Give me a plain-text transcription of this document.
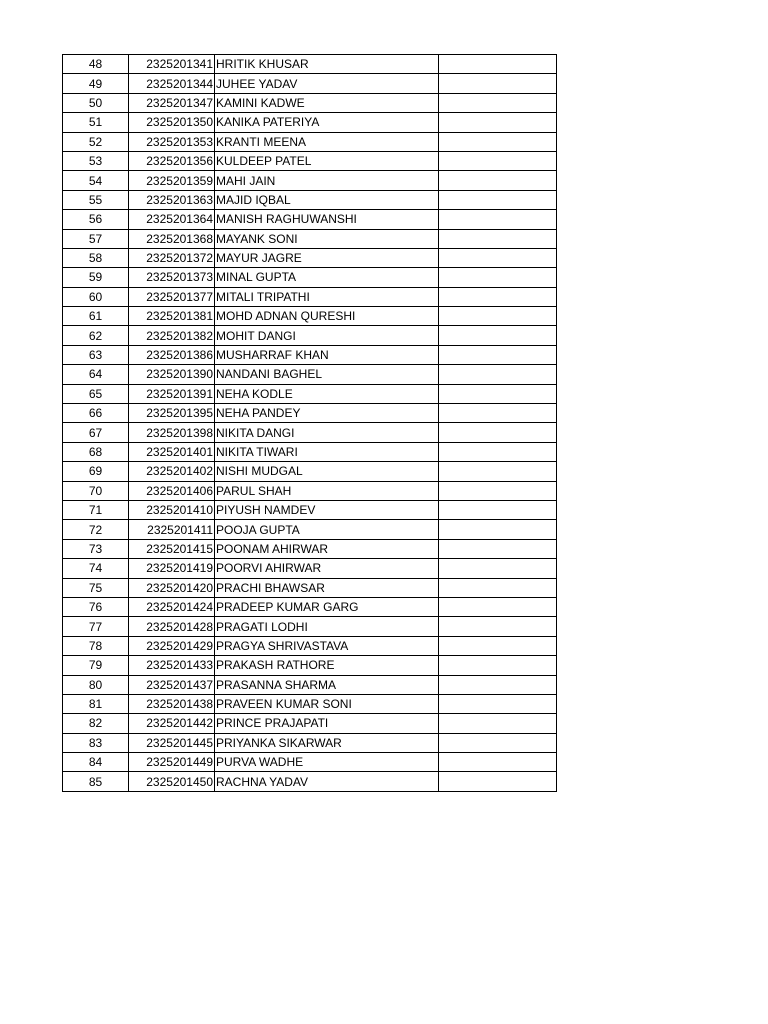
48	2325201341	HRITIK KHUSAR	
49	2325201344	JUHEE YADAV	
50	2325201347	KAMINI KADWE	
51	2325201350	KANIKA PATERIYA	
52	2325201353	KRANTI MEENA	
53	2325201356	KULDEEP PATEL	
54	2325201359	MAHI JAIN	
55	2325201363	MAJID IQBAL	
56	2325201364	MANISH RAGHUWANSHI	
57	2325201368	MAYANK SONI	
58	2325201372	MAYUR JAGRE	
59	2325201373	MINAL GUPTA	
60	2325201377	MITALI TRIPATHI	
61	2325201381	MOHD ADNAN QURESHI	
62	2325201382	MOHIT DANGI	
63	2325201386	MUSHARRAF KHAN	
64	2325201390	NANDANI BAGHEL	
65	2325201391	NEHA KODLE	
66	2325201395	NEHA PANDEY	
67	2325201398	NIKITA DANGI	
68	2325201401	NIKITA TIWARI	
69	2325201402	NISHI MUDGAL	
70	2325201406	PARUL SHAH	
71	2325201410	PIYUSH NAMDEV	
72	2325201411	POOJA GUPTA	
73	2325201415	POONAM AHIRWAR	
74	2325201419	POORVI AHIRWAR	
75	2325201420	PRACHI BHAWSAR	
76	2325201424	PRADEEP KUMAR GARG	
77	2325201428	PRAGATI LODHI	
78	2325201429	PRAGYA SHRIVASTAVA	
79	2325201433	PRAKASH RATHORE	
80	2325201437	PRASANNA SHARMA	
81	2325201438	PRAVEEN KUMAR SONI	
82	2325201442	PRINCE PRAJAPATI	
83	2325201445	PRIYANKA SIKARWAR	
84	2325201449	PURVA WADHE	
85	2325201450	RACHNA YADAV	
